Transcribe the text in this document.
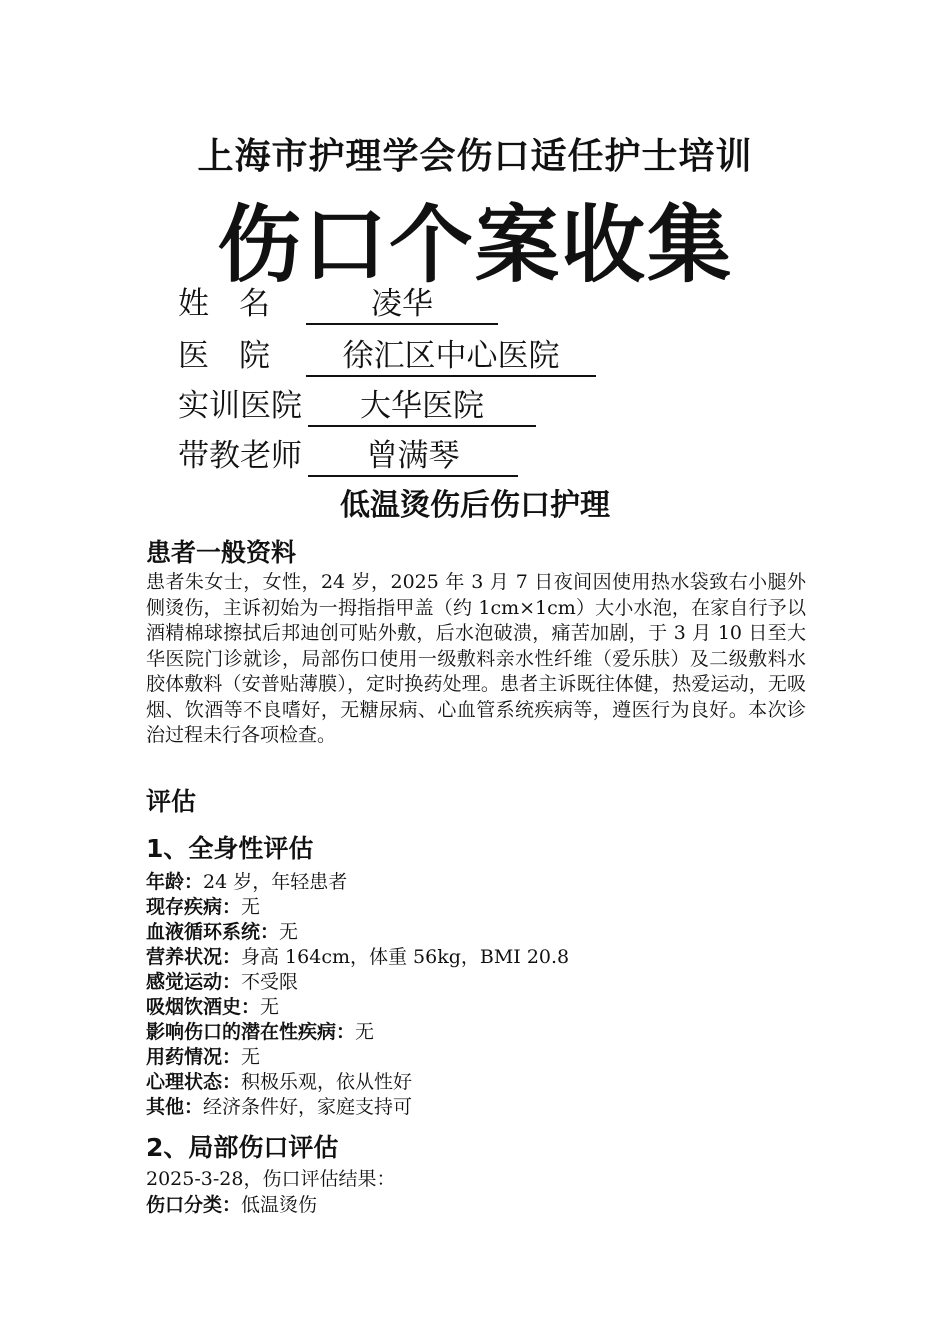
上海市护理学会伤口适任护士培训
伤口个案收集
姓名 凌华
医院 徐汇区中心医院
实训医院 大华医院
带教老师 曾满琴
低温烫伤后伤口护理
患者一般资料

患者朱女士，女性，24 岁，2025 年 3 月 7 日夜间因使用热水袋致右小腿外侧烫伤，主诉初始为一拇指指甲盖（约 1cm×1cm）大小水泡，在家自行予以酒精棉球擦拭后邦迪创可贴外敷，后水泡破溃，痛苦加剧，于 3 月 10 日至大华医院门诊就诊，局部伤口使用一级敷料亲水性纤维（爱乐肤）及二级敷料水胶体敷料（安普贴薄膜），定时换药处理。患者主诉既往体健，热爱运动，无吸烟、饮酒等不良嗜好，无糖尿病、心血管系统疾病等，遵医行为良好。本次诊治过程未行各项检查。

评估
1、全身性评估
年龄：24 岁，年轻患者
现存疾病：无
血液循环系统：无
营养状况：身高 164cm，体重 56kg，BMI 20.8
感觉运动：不受限
吸烟饮酒史：无
影响伤口的潜在性疾病：无
用药情况：无
心理状态：积极乐观，依从性好
其他：经济条件好，家庭支持可
2、局部伤口评估
2025-3-28，伤口评估结果：
伤口分类：低温烫伤
